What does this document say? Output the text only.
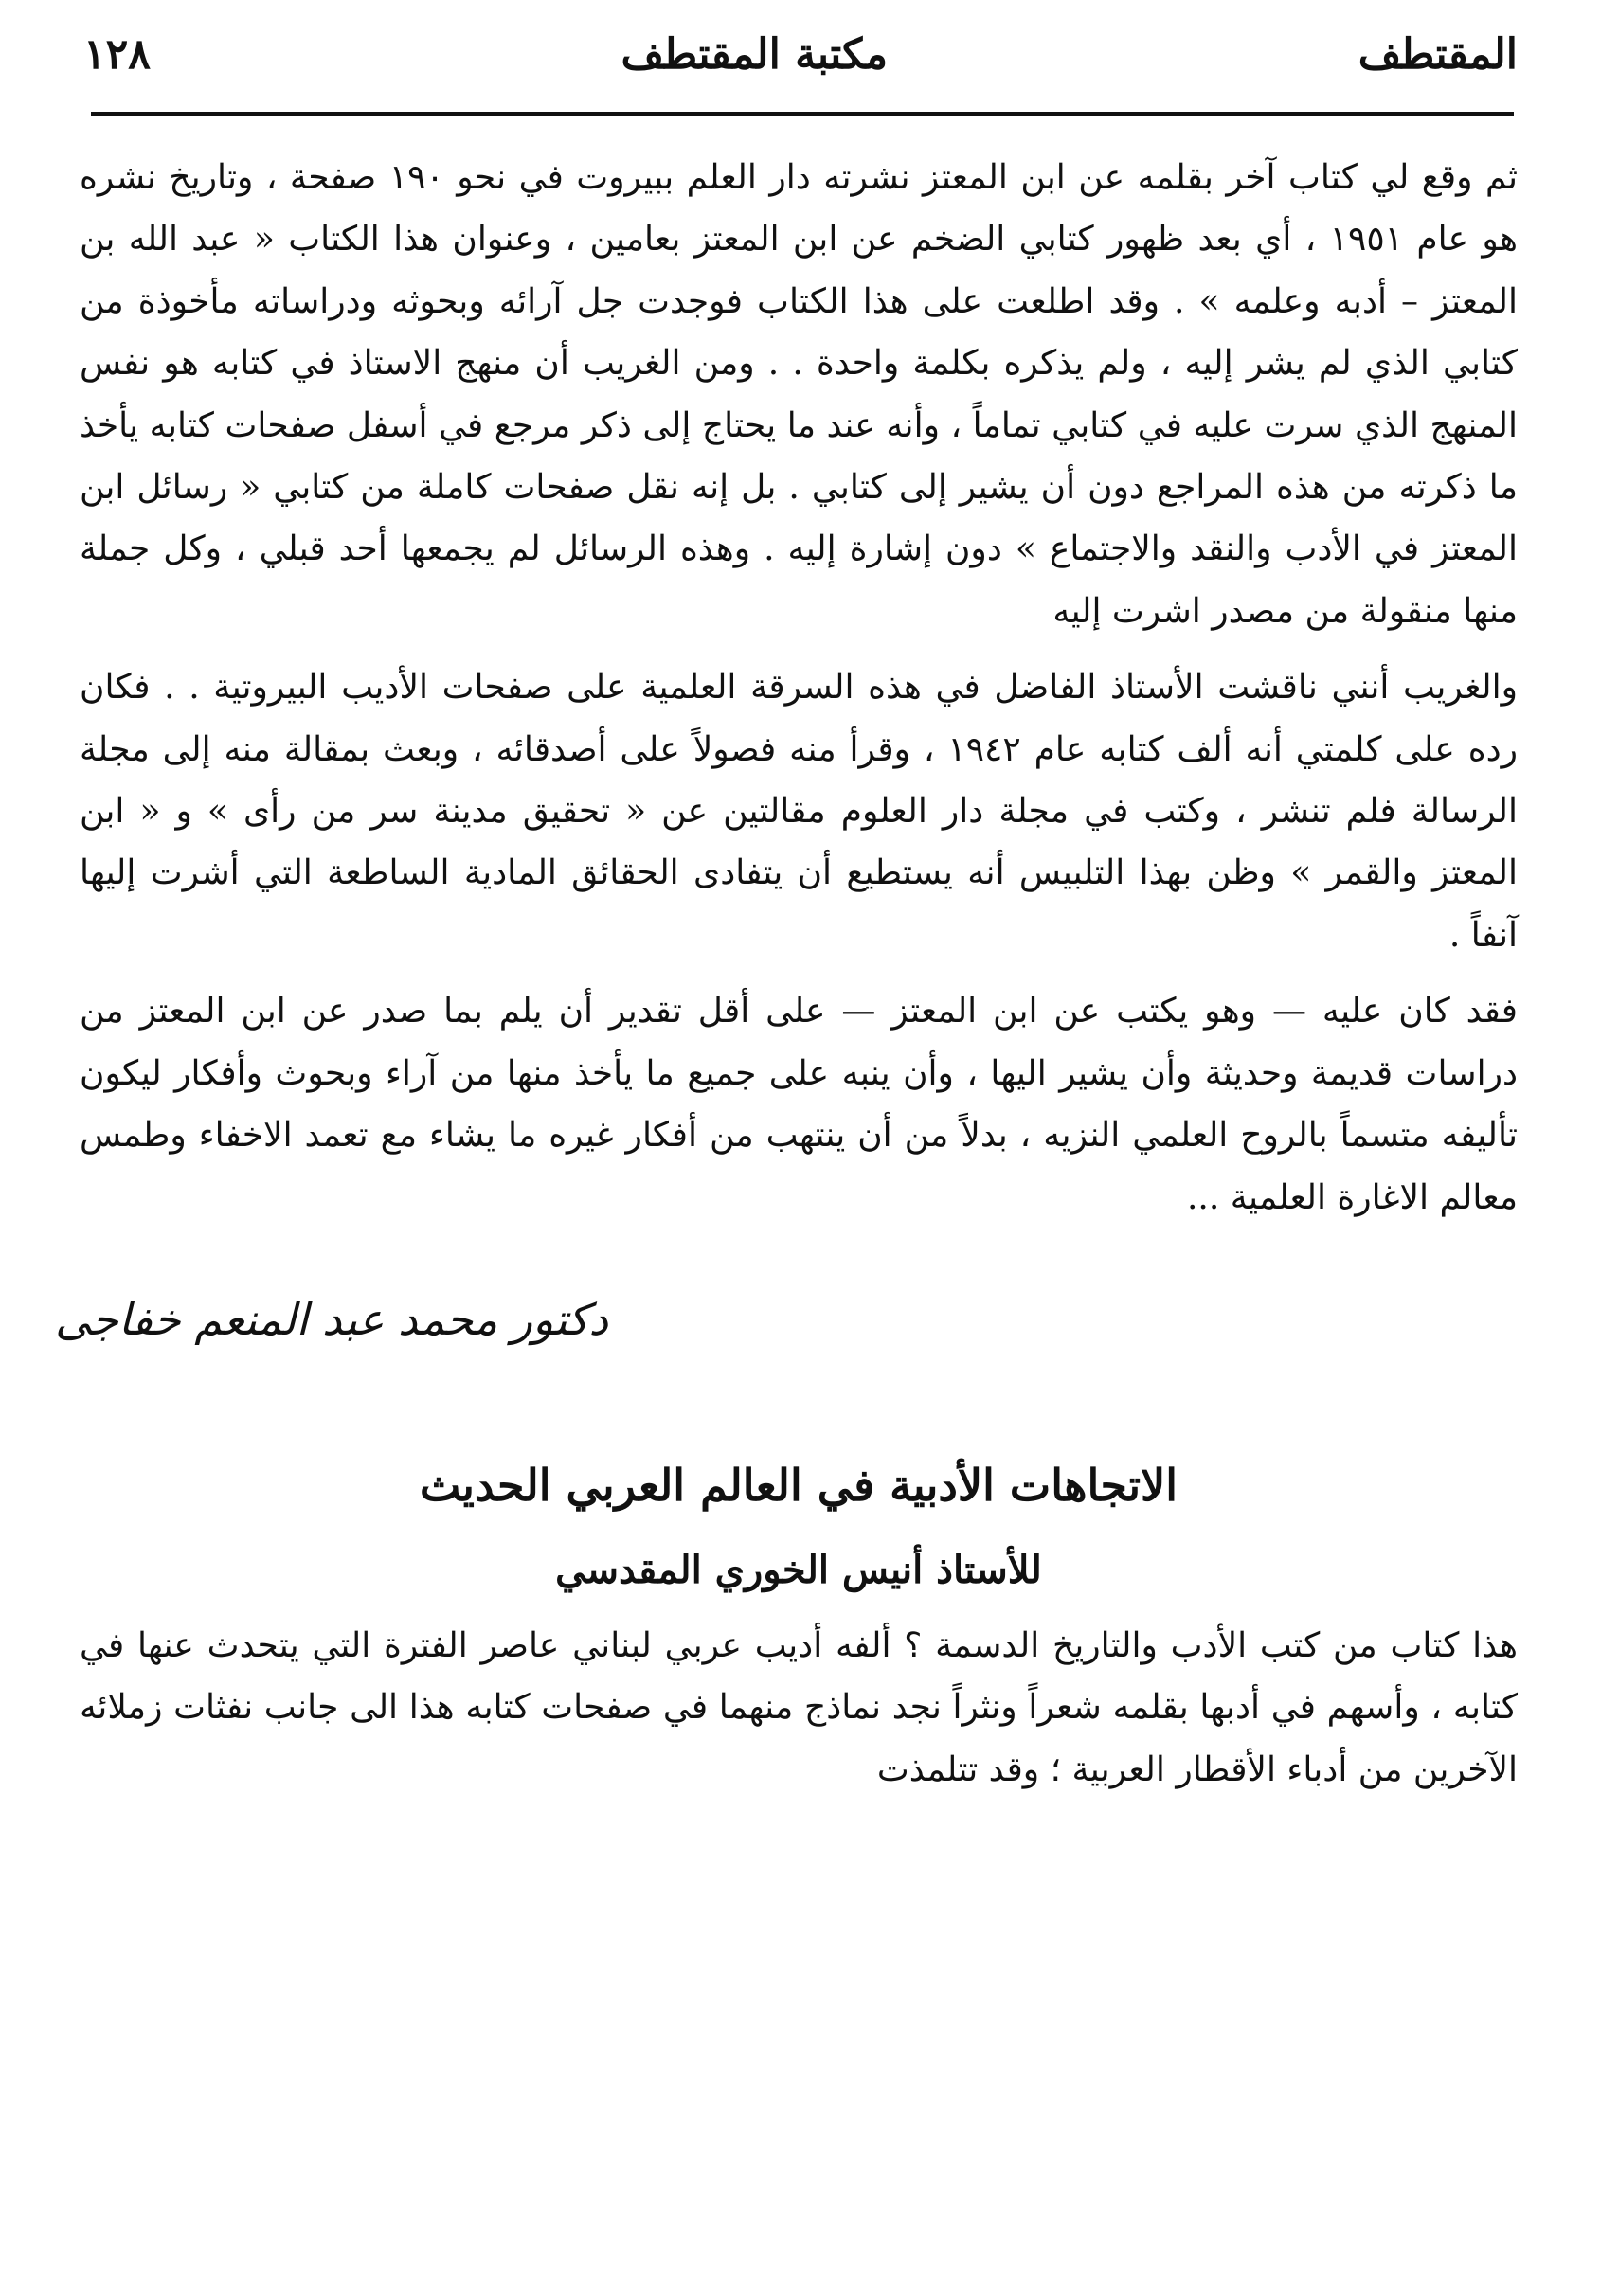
المقتطف
مكتبة المقتطف
١٢٨

ثم وقع لي كتاب آخر بقلمه عن ابن المعتز نشرته دار العلم ببيروت في نحو ١٩٠ صفحة ، وتاريخ نشره هو عام ١٩٥١ ، أي بعد ظهور كتابي الضخم عن ابن المعتز بعامين ، وعنوان هذا الكتاب « عبد الله بن المعتز – أدبه وعلمه » . وقد اطلعت على هذا الكتاب فوجدت جل آرائه وبحوثه ودراساته مأخوذة من كتابي الذي لم يشر إليه ، ولم يذكره بكلمة واحدة . . ومن الغريب أن منهج الاستاذ في كتابه هو نفس المنهج الذي سرت عليه في كتابي تماماً ، وأنه عند ما يحتاج إلى ذكر مرجع في أسفل صفحات كتابه يأخذ ما ذكرته من هذه المراجع دون أن يشير إلى كتابي . بل إنه نقل صفحات كاملة من كتابي « رسائل ابن المعتز في الأدب والنقد والاجتماع » دون إشارة إليه . وهذه الرسائل لم يجمعها أحد قبلي ، وكل جملة منها منقولة من مصدر اشرت إليه

والغريب أنني ناقشت الأستاذ الفاضل في هذه السرقة العلمية على صفحات الأديب البيروتية . . فكان رده على كلمتي أنه ألف كتابه عام ١٩٤٢ ، وقرأ منه فصولاً على أصدقائه ، وبعث بمقالة منه إلى مجلة الرسالة فلم تنشر ، وكتب في مجلة دار العلوم مقالتين عن « تحقيق مدينة سر من رأى » و « ابن المعتز والقمر » وظن بهذا التلبيس أنه يستطيع أن يتفادى الحقائق المادية الساطعة التي أشرت إليها آنفاً .

فقد كان عليه — وهو يكتب عن ابن المعتز — على أقل تقدير أن يلم بما صدر عن ابن المعتز من دراسات قديمة وحديثة وأن يشير اليها ، وأن ينبه على جميع ما يأخذ منها من آراء وبحوث وأفكار ليكون تأليفه متسماً بالروح العلمي النزيه ، بدلاً من أن ينتهب من أفكار غيره ما يشاء مع تعمد الاخفاء وطمس معالم الاغارة العلمية ...

دكتور محمد عبد المنعم خفاجى
الاتجاهات الأدبية في العالم العربي الحديث
للأستاذ أنيس الخوري المقدسي

هذا كتاب من كتب الأدب والتاريخ الدسمة ؟ ألفه أديب عربي لبناني عاصر الفترة التي يتحدث عنها في كتابه ، وأسهم في أدبها بقلمه شعراً ونثراً نجد نماذج منهما في صفحات كتابه هذا الى جانب نفثات زملائه الآخرين من أدباء الأقطار العربية ؛ وقد تتلمذت
